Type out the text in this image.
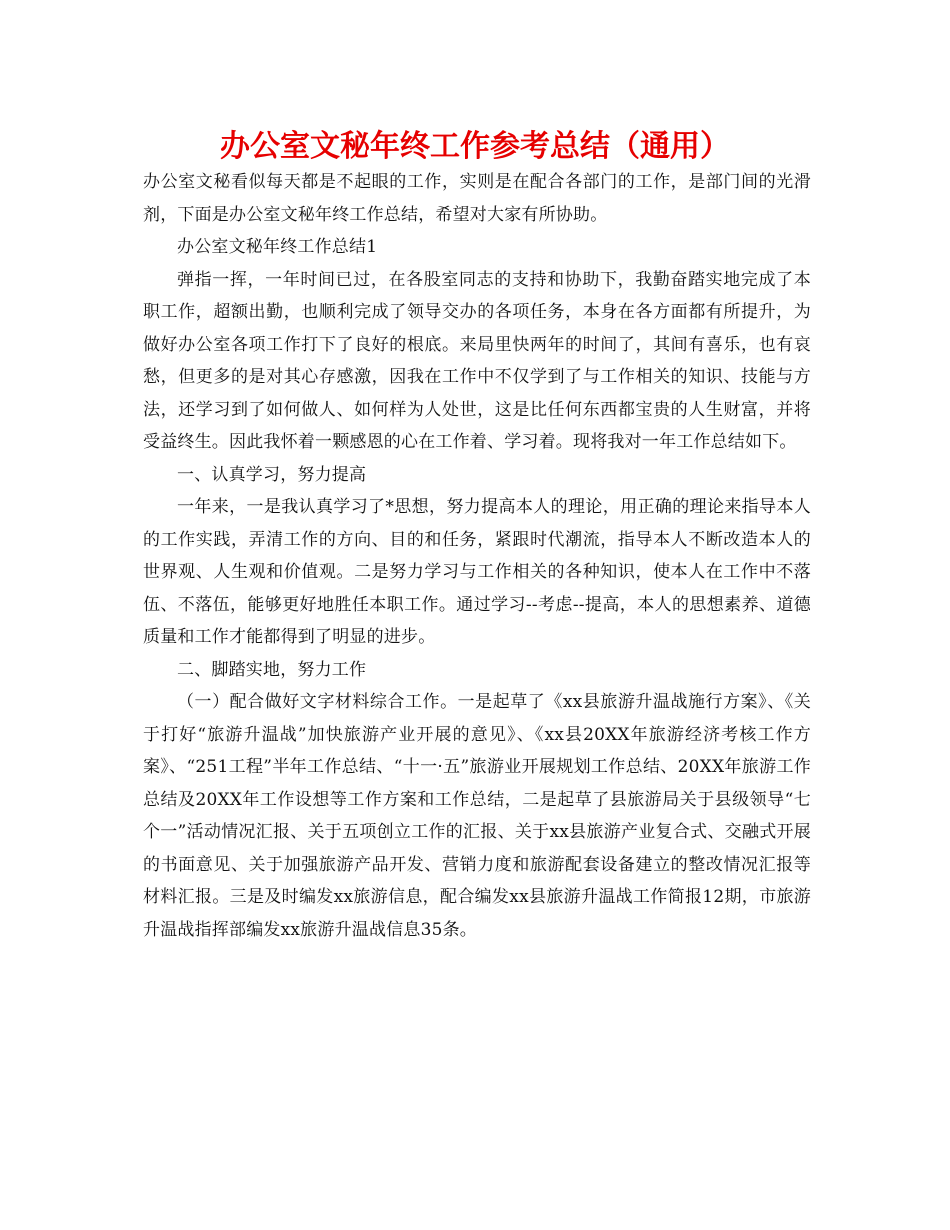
办公室文秘年终工作参考总结（通用）

办公室文秘看似每天都是不起眼的工作，实则是在配合各部门的工作，是部门间的光滑剂，下面是办公室文秘年终工作总结，希望对大家有所协助。

办公室文秘年终工作总结1

弹指一挥，一年时间已过，在各股室同志的支持和协助下，我勤奋踏实地完成了本职工作，超额出勤，也顺利完成了领导交办的各项任务，本身在各方面都有所提升，为做好办公室各项工作打下了良好的根底。来局里快两年的时间了，其间有喜乐，也有哀愁，但更多的是对其心存感激，因我在工作中不仅学到了与工作相关的知识、技能与方法，还学习到了如何做人、如何样为人处世，这是比任何东西都宝贵的人生财富，并将受益终生。因此我怀着一颗感恩的心在工作着、学习着。现将我对一年工作总结如下。

一、认真学习，努力提高

一年来，一是我认真学习了*思想，努力提高本人的理论，用正确的理论来指导本人的工作实践，弄清工作的方向、目的和任务，紧跟时代潮流，指导本人不断改造本人的世界观、人生观和价值观。二是努力学习与工作相关的各种知识，使本人在工作中不落伍、不落伍，能够更好地胜任本职工作。通过学习--考虑--提高，本人的思想素养、道德质量和工作才能都得到了明显的进步。

二、脚踏实地，努力工作

（一）配合做好文字材料综合工作。一是起草了《xx县旅游升温战施行方案》、《关于打好“旅游升温战”加快旅游产业开展的意见》、《xx县20XX年旅游经济考核工作方案》、“251工程”半年工作总结、“十一·五”旅游业开展规划工作总结、20XX年旅游工作总结及20XX年工作设想等工作方案和工作总结，二是起草了县旅游局关于县级领导“七个一”活动情况汇报、关于五项创立工作的汇报、关于xx县旅游产业复合式、交融式开展的书面意见、关于加强旅游产品开发、营销力度和旅游配套设备建立的整改情况汇报等材料汇报。三是及时编发xx旅游信息，配合编发xx县旅游升温战工作简报12期，市旅游升温战指挥部编发xx旅游升温战信息35条。
